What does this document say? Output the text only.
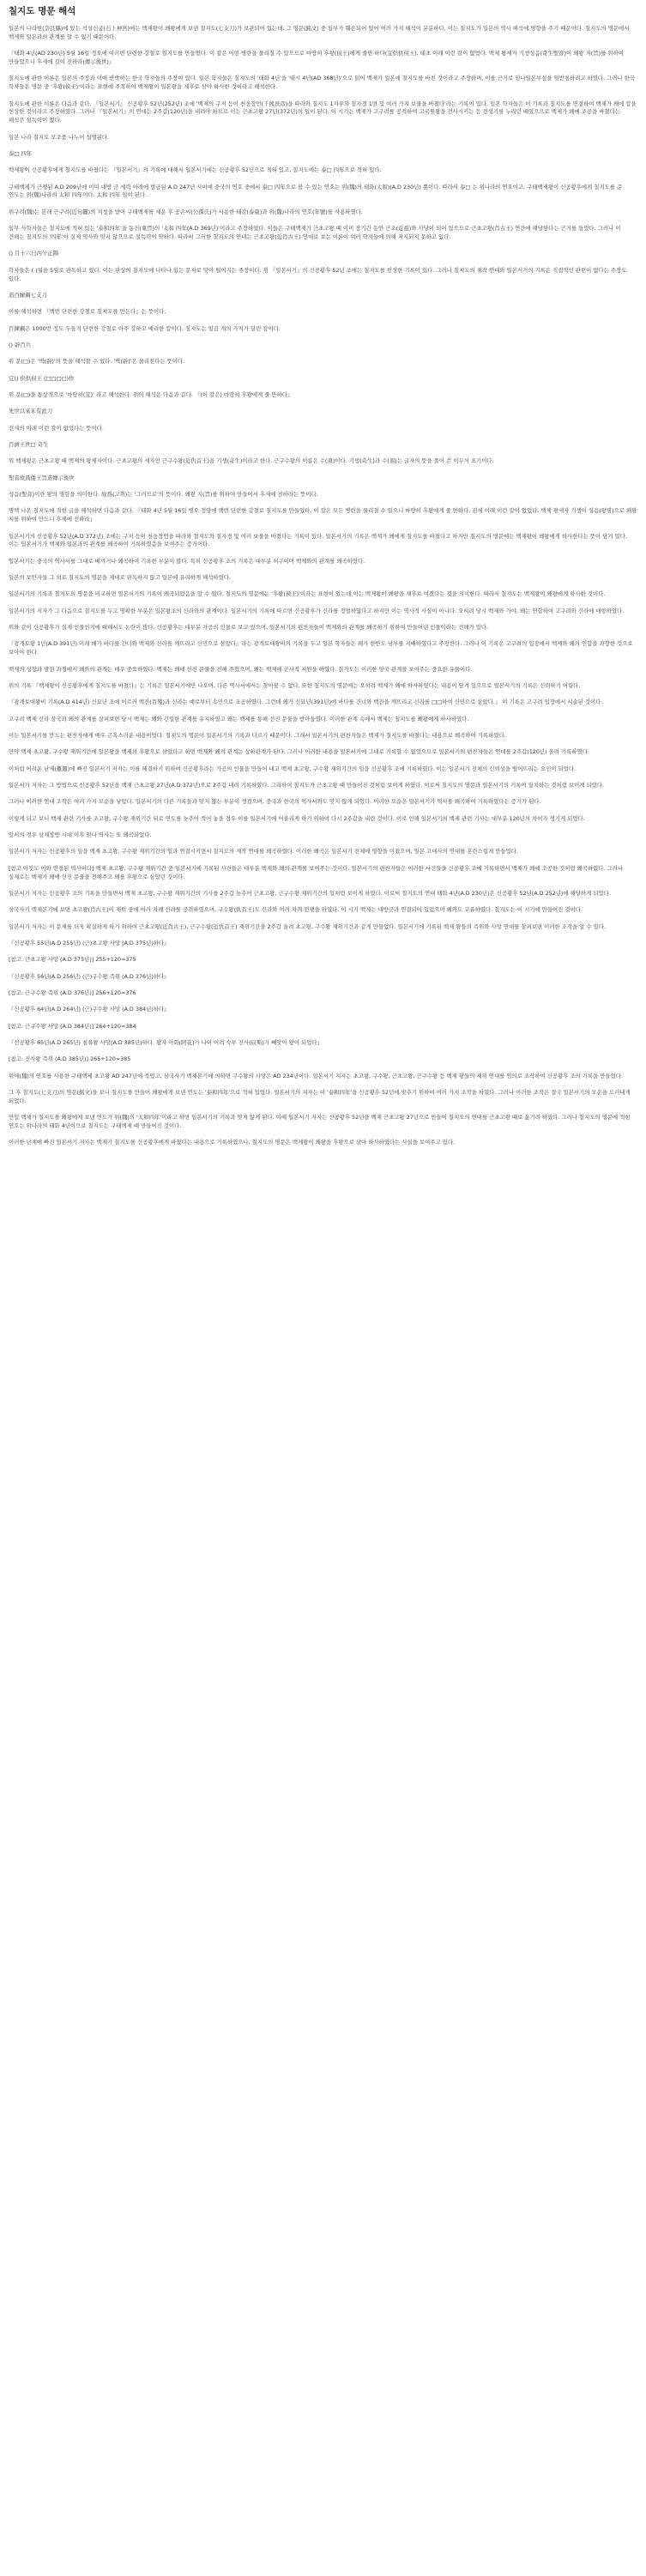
칠지도 명문 해석

일본의 나라현(奈良縣)에 있는 석상신궁(石上神宮)에는 백제왕이 왜왕에게 보낸 칠지도(七支刀)가 보관되어 있는데, 그 명문(銘文) 중 일부가 훼손되어 있어 여러 가지 해석이 분분하다. 이는 칠지도가 일본의 역사 해석에 영향을 주기 때문이다. 칠지도의 명문에서 백제와 일본과의 관계를 알 수 있기 때문이다.

『태화 4년(AD 230년) 5월 16일 정오에 여러번 단련한 강철로 칠지도를 만들었다. 이 칼은 어떤 병란을 물리칠 수 있으므로 마땅히 후왕(侯王)에게 줄만 하다(宜供供侯王). 태초 이래 이런 칼이 없었다. 백제 왕세자 기생성음(奇生聖音)이 왜왕 지(旨)를 위하여 만들었으니 후세에 길이 전하라(傳示後世)』

칠지도에 관한 이론은 일본의 주장과 이에 반박하는 한국 학자들의 주장이 있다. 일본 학자들은 칠지도의 '태화 4년'을 '태시 4년(AD 368년)'으로 읽어 백제가 일본에 칠지도를 바친 것이라고 주장하며, 이를 근거로 임나일본부설을 뒷받침하려고 하였다. 그러나 한국 학자들은 명문 중 '후왕(侯王)'이라는 표현에 주목하여 백제왕이 일본왕을 제후로 삼아 하사한 것이라고 해석한다.

칠지도에 관한 이론은 다음과 같다. 『일본서기』 신공황후 52년(252년) 조에 '백제의 구저 등이 천웅장언(千熊長彦)을 따라와 칠지도 1자루와 칠자경 1면 및 여러 가지 보물을 바쳤다'라는 기록이 있다. 일본 학자들은 이 기록과 칠지도를 연결하여 백제가 왜에 칼을 헌상한 것이라고 주장하였다. 그러나 『일본서기』의 연대는 2주갑(120년)을 내려야 하므로 이는 근초고왕 27년(372년)의 일이 된다. 이 시기는 백제가 고구려를 공격하여 고국원왕을 전사시키는 등 전성기를 누리던 때였으므로 백제가 왜에 조공을 바쳤다는 해석은 설득력이 없다.

일본 나라 칠지도 모조품 나누어 설명된다.

泰□ 四年

백제왕이 신공황후에게 칠지도를 바쳤다는 『일본서기』의 기록에 대해서 일본서기에는 신공황후 52년으로 적혀 있고, 칠지도에는 泰□ 四年으로 적혀 있다.

구태백제가 근쟁된 A.D 209년에 이미 대방 군 세력 아래에 벌금된 A.D 247년 사이에 중국의 연호 중에서 泰□ 四年으로 볼 수 있는 연호는 위(魏)의 태화(太和)(A.D 230년) 뿐이다. 따라서 泰□ 는 위나라의 연호이고, 구태백제왕이 신공황후에게 칠지도를 준 연도는 위(魏)나라의 太和 四年이다. 太和 四年 임이 된다.

위구려(魏)는 본래 근구려(近句麗)의 지칭을 받아 구태백제를 세운 후 공손씨(公孫氏)가 사용한 태강(泰康)과 위(魏)나라의 연호(年號)를 사용하였다.

일부 사학자들은 칠지도에 적혀 있는 '泰和四年'을 동진(東晉)의 '太和 四年(A.D 369년)'이라고 주장하였다. 이들은 구태백제가 근초고왕 때 이미 장기간 동안 근조(近祖)와 사당이 되어 있으므로 근초고왕(肖古王) 연간에 해당한다는 근거를 들었다. 그러나 이 견해는 칠지도의 '四年'이 실제 역사와 맞지 않으므로 설득력이 약하다. 따라서 그러한 칠지도의 연대는 근초고왕(近肖古王) 연대로 보는 이론이 여러 학자들에 의해 지지되지 못하고 있다.

() 月十六日丙午正陽

학자들은 ( )월을 5월로 판독하고 있다. 이는 판상의 칠지도에 나타나 있는 문자로 맞아 떨어지는 주장이다. 위 『일본서기』의 신공황후 52년 조에는 칠지도를 헌상한 기록이 있다. 그러나 칠지도의 제작 연대와 일본서기의 기록은 직접적인 관련이 없다는 주장도 있다.

造百練鋼七支刀

이를 해석하면 『백번 단련한 강철로 칠지도를 만든다』는 뜻이다.

百鍊鋼은 1000번 정도 두들겨 단련한 강철로 아주 강하고 예리한 칼이다. 칠지도는 일곱 개의 가지가 달린 칼이다.

() 辟百兵

위 문(□)은 '벽(辟)'의 뜻을 해석할 수 있다. '벽(辟)'은 물리친다는 뜻이다.

宜() 供供侯王 (□□□□)作

위 문(□)을 통상적으로 '마땅히(宜)' 라고 해석한다. 위의 해석은 다음과 같다. 『(이 칼은) 마땅히 후왕에게 줄 만하다』

先世以來未有此刀

전세의 이래 이런 칼이 없었다는 뜻이다.

百濟王世□ 奇生

위 백제왕은 근초고왕 때 백제의 왕세자이다. 근초고왕의 세자인 근구수왕(近仇首王)을 기생(奇生)이라고 한다. 근구수왕의 이름은 수(須)이다. 기생(奇生)과 수(須)는 글자의 뜻을 풀어 쓴 이두식 표기이다.

聖音故爲倭王旨造傳示後世

성음(聖音)이란 왕의 명령을 의미한다. 故爲(고위)는 '그러므로'의 뜻이다. 왜왕 지(旨)를 위하여 만들어서 후세에 전하라는 뜻이다.

명백 나온 칠지도에 적힌 글을 해석하면 다음과 같다. 『태화 4년 5월 16일 병오 정양에 백번 단련한 강철로 칠지도를 만들었다. 이 칼은 모든 병란을 물리칠 수 있으니 마땅히 후왕에게 줄 만하다. 전세 이래 이런 칼이 없었다. 백제 왕세자 기생이 성음(왕명)으로 왜왕 지를 위하여 만드니 후세에 전하라』

일본서기의 신공황후 52년(A.D 372년) 조에는 구저 등이 천웅장언을 따라와 칠지도와 칠자경 및 여러 보물을 바쳤다는 기록이 있다. 일본서기의 기록은 백제가 왜에게 칠지도를 바쳤다고 하지만 칠지도의 명문에는 백제왕이 왜왕에게 하사한다는 뜻이 담겨 있다. 이는 일본서기가 백제와 일본과의 관계를 왜곡하여 기록하였음을 보여주는 증거이다.

일본서기는 중국의 역사서를 그대로 베끼거나 왜곡하여 기록한 부분이 많다. 특히 신공황후 조의 기록은 대부분 허구이며 백제와의 관계를 왜곡하였다.

일본의 보안자들 그 외로 칠지도의 명문을 제대로 판독하지 않고 일본에 유리하게 해석하였다.

일본서기의 기록과 칠지도의 명문을 비교하면 일본서기의 기록이 왜곡되었음을 알 수 있다. 칠지도의 명문에는 '후왕(侯王)'이라는 표현이 있는데 이는 백제왕이 왜왕을 제후로 여겼다는 것을 의미한다. 따라서 칠지도는 백제왕이 왜왕에게 하사한 것이다.

일본서기의 저자가 그 다음으로 칠지도를 두고 명확한 부분은 일본왕조의 신라와의 관계이다. 일본서기의 기록에 따르면 신공황후가 신라를 정벌하였다고 하지만 이는 역사적 사실이 아니다. 오히려 당시 백제와 가야, 왜는 연합하여 고구려와 신라에 대항하였다.

위와 같이 신공황후가 실제 인물인지에 대해서도 논란이 많다. 신공황후는 대부분 가공의 인물로 보고 있으며, 일본서기의 편찬자들이 백제와의 관계를 왜곡하기 위하여 만들어낸 인물이라는 견해가 있다.

『광개토왕 1년(A.D 391년) 이래 왜가 바다를 건너와 백제와 신라를 깨뜨리고 신민으로 삼았다』라는 광개토대왕비의 기록을 두고 일본 학자들은 왜가 한반도 남부를 지배하였다고 주장한다. 그러나 이 기록은 고구려의 입장에서 백제와 왜의 연합을 과장한 것으로 보아야 한다.

백제의 성장과 발전 과정에서 왜와의 관계는 매우 중요하였다. 백제는 왜에 선진 문물을 전해 주었으며, 왜는 백제에 군사적 지원을 하였다. 칠지도는 이러한 양국 관계를 보여주는 중요한 유물이다.

위의 기록 『백제왕이 신공황후에게 칠지도를 바쳤다』는 기록은 일본서기에만 나오며, 다른 역사서에서는 찾아볼 수 없다. 또한 칠지도의 명문에는 오히려 백제가 왜에 하사하였다는 내용이 담겨 있으므로 일본서기의 기록은 신뢰하기 어렵다.

『광개토대왕비 기록(A.D 414년) 신묘년 조에 이르러 백잔(百殘)과 신라는 예로부터 속민으로 조공하였다. 그런데 왜가 신묘년(391년)에 바다를 건너와 백잔을 깨뜨리고 신라를 □□하여 신민으로 삼았다.』 이 기록은 고구려 입장에서 서술된 것이다.

고구려 백제 신라 삼국과 왜의 관계를 살펴보면 당시 백제는 왜와 긴밀한 관계를 유지하였고 왜는 백제를 통해 선진 문물을 받아들였다. 이러한 관계 속에서 백제는 칠지도를 왜왕에게 하사하였다.

이는 일본서기를 만드는 편찬자에게 매우 곤혹스러운 내용이었다. 칠지도의 명문이 일본서기의 기록과 다르기 때문이다. 그래서 일본서기의 편찬자들은 백제가 칠지도를 바쳤다는 내용으로 왜곡하여 기록하였다.

만약 백제 초고왕, 구수왕 재위기간에 일본왕을 백제의 후왕으로 삼았다고 하면 백제와 왜의 관계는 상하관계가 된다. 그러나 이러한 내용을 일본서기에 그대로 기록할 수 없었으므로 일본서기의 편찬자들은 연대를 2주갑(120년) 올려 기록하였다.

이처럼 어려운 난제(難題)에 빠진 일본서기 저자는 이를 해결하기 위하여 신공황후라는 가공의 인물을 만들어 내고 백제 초고왕, 구수왕 재위기간의 일을 신공황후 조에 기록하였다. 이는 일본서기 전체의 신뢰성을 떨어뜨리는 요인이 되었다.

일본서기 저자는 그 방법으로 신공황후 52년을 백제 근초고왕 27년(A.D 372년)으로 2주갑 내려 기록하였다. 그리하여 칠지도가 근초고왕 때 만들어진 것처럼 보이게 하였다. 이로써 칠지도의 명문과 일본서기의 기록이 일치하는 것처럼 보이게 되었다.

그러나 이러한 연대 조작은 여러 가지 모순을 낳았다. 일본서기의 다른 기록들과 맞지 않는 부분이 생겼으며, 중국과 한국의 역사서와도 맞지 않게 되었다. 이러한 모순은 일본서기가 역사를 왜곡하여 기록하였다는 증거가 된다.

이렇게 되고 보니 백제 관련 기사를 조고왕, 구수왕 재위기간 뒤로 연도를 늦추어 적어 놓을 경우 이를 일본서기에 어울리게 하기 위하여 다시 2주갑을 내린 것이다. 이로 인해 일본서기의 백제 관련 기사는 대부분 120년의 차이가 생기게 되었다.

앞서의 경우 삼제장방 시대 이후 임나 역사는 또 왜곡되었다.

일본서기 저자는 신공황후의 일을 백제 초고왕, 구수왕 재위기간의 일과 연결시키면서 칠지도의 제작 연대를 왜곡하였다. 이러한 왜곡은 일본서기 전체에 영향을 미쳤으며, 일본 고대사의 연대를 혼란스럽게 만들었다.

[참고 이것도 이와 연결된 역사이다] 백제 초고왕, 구수왕 재위기간 중 일본서기에 기록된 사건들은 대부분 백제와 왜의 관계를 보여주는 것이다. 일본서기의 편찬자들은 이러한 사건들을 신공황후 조에 기록하면서 백제가 왜에 조공한 것처럼 왜곡하였다. 그러나 실제로는 백제가 왜에 선진 문물을 전해주고 왜를 후왕으로 삼았던 것이다.

일본서기 저자는 신공황후 조의 기록을 만들면서 백제 초고왕, 구수왕 재위기간의 기사를 2주갑 늦추어 근초고왕, 근구수왕 재위기간의 일처럼 보이게 하였다. 이로써 칠지도의 연대 태화 4년(A.D 230년)은 신공황후 52년(A.D 252년)에 해당하게 되었다.

삼국사기 백제본기에 보면 초고왕(肖古王)이 재위 중에 여러 차례 신라를 공격하였으며, 구수왕(仇首王)도 신라와 여러 차례 전쟁을 하였다. 이 시기 백제는 대방군과 연결되어 있었으며 왜와도 교류하였다. 칠지도는 이 시기에 만들어진 것이다.

일본서기 저자는 이 문제를 더욱 확실하게 하기 위하여 근초고왕(近肖古王), 근구수왕(近仇首王) 재위기간을 2주갑 올려 초고왕, 구수왕 재위기간과 같게 만들었다. 일본서기에 기록된 백제 왕들의 즉위와 사망 연대를 살펴보면 이러한 조작을 알 수 있다.

『신공황후 55년(A.D 255년) (근)초고왕 사망 (A.D 375년)하다』

[참고: 근초고왕 사망 (A.D 375년)] 255+120=375

『신공황후 56년(A.D 256년) (근)구수왕 즉위 (A.D 376년)하다』

[참고: 근구수왕 즉위 (A.D 376년)] 256+120=376

『신공황후 64년(A.D 264년) (근)구수왕 사망 (A.D 384년)하다』

[참고: 근구수왕 사망 (A.D 384년)] 264+120=384

『신공황후 65년(A.D 265년) 침류왕 사망(A.D 385년)하다. 왕자 아화(阿花)가 나이 어려 숙부 진사(辰斯)가 빼앗아 왕이 되었다』

[참고: 진사왕 즉위 (A.D 385년)] 265+120=385

위에(魏)의 연호를 사용한 구태백제 초고왕 AD 247년에 죽었고, 삼국사기 백제본기에 의하면 구수왕의 사망은 AD 234년이다. 일본서기 저자는 초고왕, 구수왕, 근초고왕, 근구수왕 등 백제 왕들의 재위 연대를 임의로 조작하여 신공황후 조의 기록을 만들었다.

그 후 칠지도(七支刀)의 명문(銘文)을 보니 칠지도를 만들어 왜왕에게 보낸 연도는 '泰和四年'으로 적혀 있었다. 일본서기의 저자는 이 '泰和四年'을 신공황후 52년에 맞추기 위하여 여러 가지 조작을 하였다. 그러나 이러한 조작은 결국 일본서기의 모순을 드러내게 되었다.

만일 백제가 칠지도를 왜왕에게 보낸 연도가 위(魏)의 '太和四年'이라고 하면 일본서기의 기록과 맞지 않게 된다. 이에 일본서기 저자는 신공황후 52년을 백제 근초고왕 27년으로 만들어 칠지도의 연대를 근초고왕 때로 옮기려 하였다. 그러나 칠지도의 명문에 적힌 연호는 위나라의 태화 4년이므로 칠지도는 구태백제 때 만들어진 것이다.

이러한 난제에 빠진 일본서기 저자는 백제가 칠지도를 신공황후에게 바쳤다는 내용으로 기록하였으나, 칠지도의 명문은 백제왕이 왜왕을 후왕으로 삼아 하사하였다는 사실을 보여주고 있다.
